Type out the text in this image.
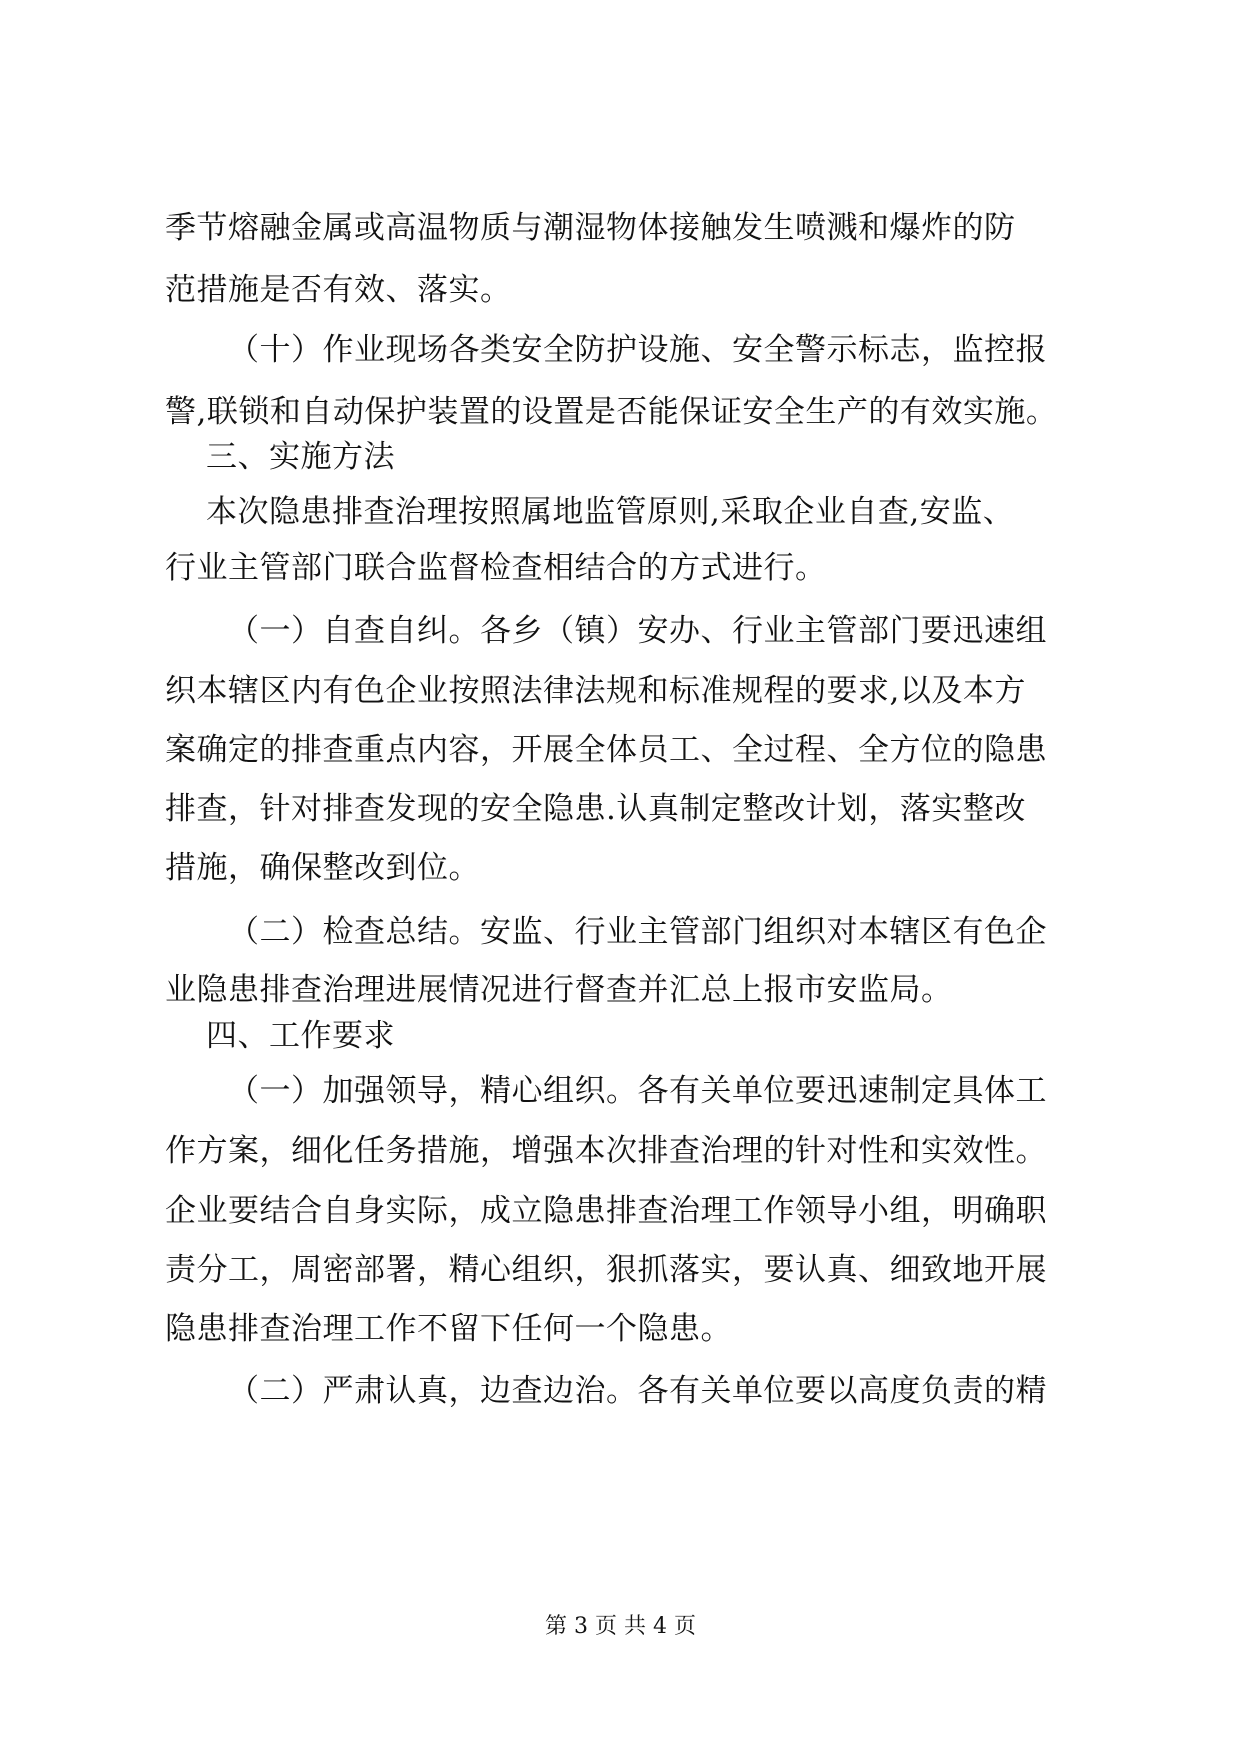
季节熔融金属或高温物质与潮湿物体接触发生喷溅和爆炸的防
范措施是否有效、落实。
（十）作业现场各类安全防护设施、安全警示标志，监控报
警,联锁和自动保护装置的设置是否能保证安全生产的有效实施。
三、实施方法
本次隐患排查治理按照属地监管原则,采取企业自查,安监、
行业主管部门联合监督检查相结合的方式进行。
（一）自查自纠。各乡（镇）安办、行业主管部门要迅速组
织本辖区内有色企业按照法律法规和标准规程的要求,以及本方
案确定的排查重点内容，开展全体员工、全过程、全方位的隐患
排查，针对排查发现的安全隐患.认真制定整改计划，落实整改
措施，确保整改到位。
（二）检查总结。安监、行业主管部门组织对本辖区有色企
业隐患排查治理进展情况进行督查并汇总上报市安监局。
四、工作要求
（一）加强领导，精心组织。各有关单位要迅速制定具体工
作方案，细化任务措施，增强本次排查治理的针对性和实效性。
企业要结合自身实际，成立隐患排查治理工作领导小组，明确职
责分工，周密部署，精心组织，狠抓落实，要认真、细致地开展
隐患排查治理工作不留下任何一个隐患。
（二）严肃认真，边查边治。各有关单位要以高度负责的精
第 3 页 共 4 页
